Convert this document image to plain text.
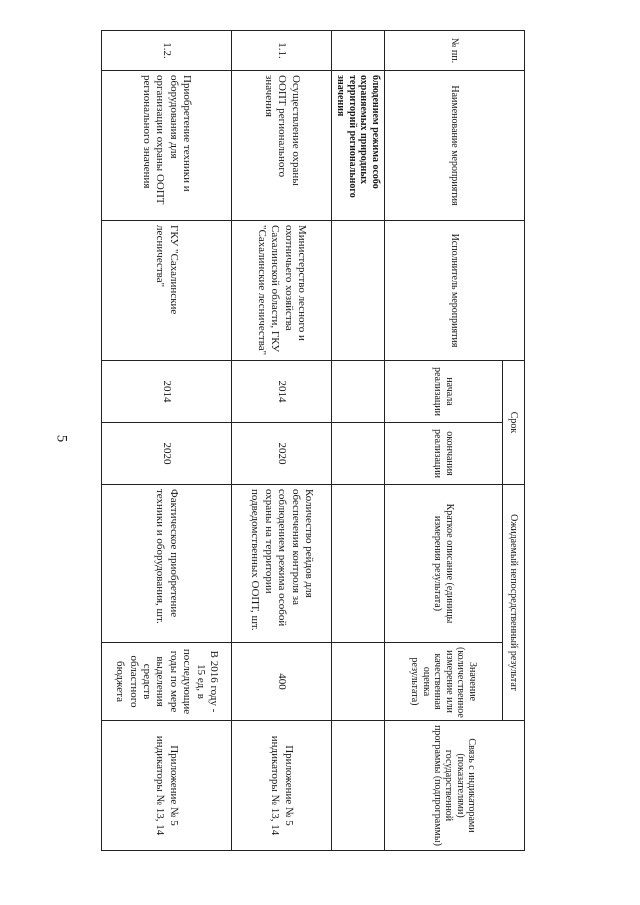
5
№ пп.	Наименование мероприятия	Исполнитель мероприятия	Срок		Ожидаемый непосредственный результат		Связь с индикаторами (показателями) государственной программы (подпрограммы)
			начала реализации	окончания реализации	Краткое описание (единицы измерения результата)	Значение (количественное измерение или качественная оценка результата)	
	блюдением режима особо охраняемых природных территорий регионального значения						
1.1.	Осуществление охраны ООПТ регионального значения	Министерство лесного и охотничьего хозяйства Сахалинской области, ГКУ "Сахалинские лесничества"	2014	2020	Количество рейдов для обеспечения контроля за соблюдением режима особой охраны на территории подведомственных ООПТ, шт.	400	Приложение № 5 индикаторы № 13, 14
1.2.	Приобретение техники и оборудования для организации охраны ООПТ регионального значения	ГКУ "Сахалинские лесничества"	2014	2020	Фактическое приобретение техники и оборудования, шт.	В 2016 году - 15 ед, в последующие годы по мере выделения средств областного бюджета	Приложение № 5 индикаторы № 13, 14
